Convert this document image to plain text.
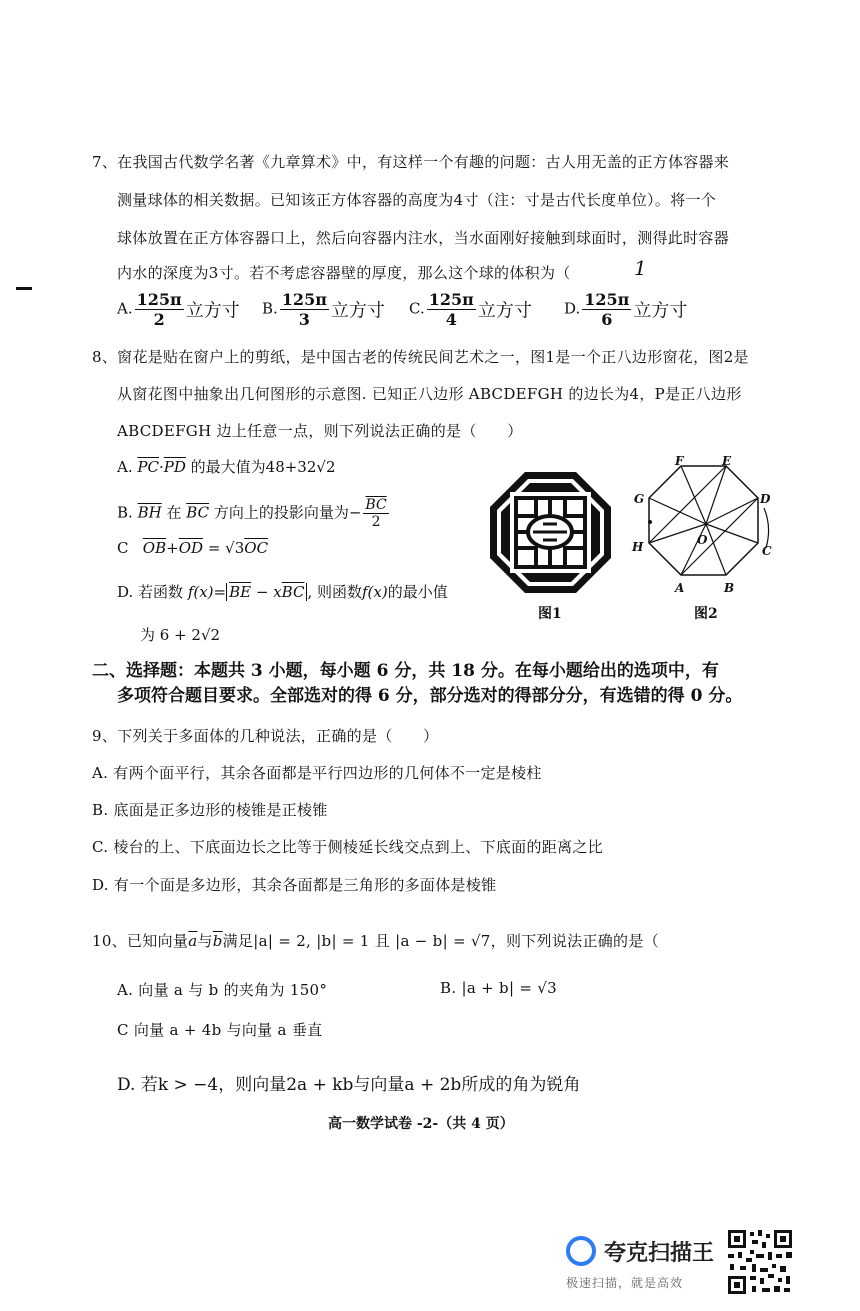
7、在我国古代数学名著《九章算术》中，有这样一个有趣的问题：古人用无盖的正方体容器来
测量球体的相关数据。已知该正方体容器的高度为4寸（注：寸是古代长度单位）。将一个
球体放置在正方体容器口上，然后向容器内注水，当水面刚好接触到球面时，测得此时容器
内水的深度为3寸。若不考虑容器壁的厚度，那么这个球的体积为（	1
A. $\frac{125\pi}{2}$ 立方寸 B. $\frac{125\pi}{3}$ 立方寸 C. $\frac{125\pi}{4}$ 立方寸 D. $\frac{125\pi}{6}$ 立方寸
8、窗花是贴在窗户上的剪纸，是中国古老的传统民间艺术之一，图1是一个正八边形窗花，图2是
从窗花图中抽象出几何图形的示意图. 已知正八边形 ABCDEFGH 的边长为4，P是正八边形
ABCDEFGH 边上任意一点，则下列说法正确的是（　　）
A. $\overline{PC}\cdot\overline{PD}$ 的最大值为48+32√2
B. $\overline{BH}$ 在 $\overline{BC}$ 方向上的投影向量为− $\frac{\overline{BC}}{2}$
C $\overline{OB}+\overline{OD} = √3\overline{OC}$
D. 若函数 $f(x)= \overline{BE} - x\overline{BC}$ , 则函数f(x)的最小值
为 6 + 2√2
图1
F	E
G	D
H	O
C
A	B
图2
二、选择题：本题共 3 小题，每小题 6 分，共 18 分。在每小题给出的选项中，有
多项符合题目要求。全部选对的得 6 分，部分选对的得部分分，有选错的得 0 分。
9、下列关于多面体的几种说法，正确的是（　　）
A. 有两个面平行，其余各面都是平行四边形的几何体不一定是棱柱
B. 底面是正多边形的棱锥是正棱锥
C. 棱台的上、下底面边长之比等于侧棱延长线交点到上、下底面的距离之比
D. 有一个面是多边形，其余各面都是三角形的多面体是棱锥
10、已知向量$\overline{a}$与$\overline{b}$满足|a| = 2, |b| = 1 且 |a − b| = √7，则下列说法正确的是（
A. 向量 a 与 b 的夹角为 150°	B. |a + b| = √3
C 向量 a + 4b 与向量 a 垂直
D. 若k > −4，则向量2a + kb与向量a + 2b所成的角为锐角
高一数学试卷 -2-（共 4 页）
夸克扫描王
极速扫描，就是高效
